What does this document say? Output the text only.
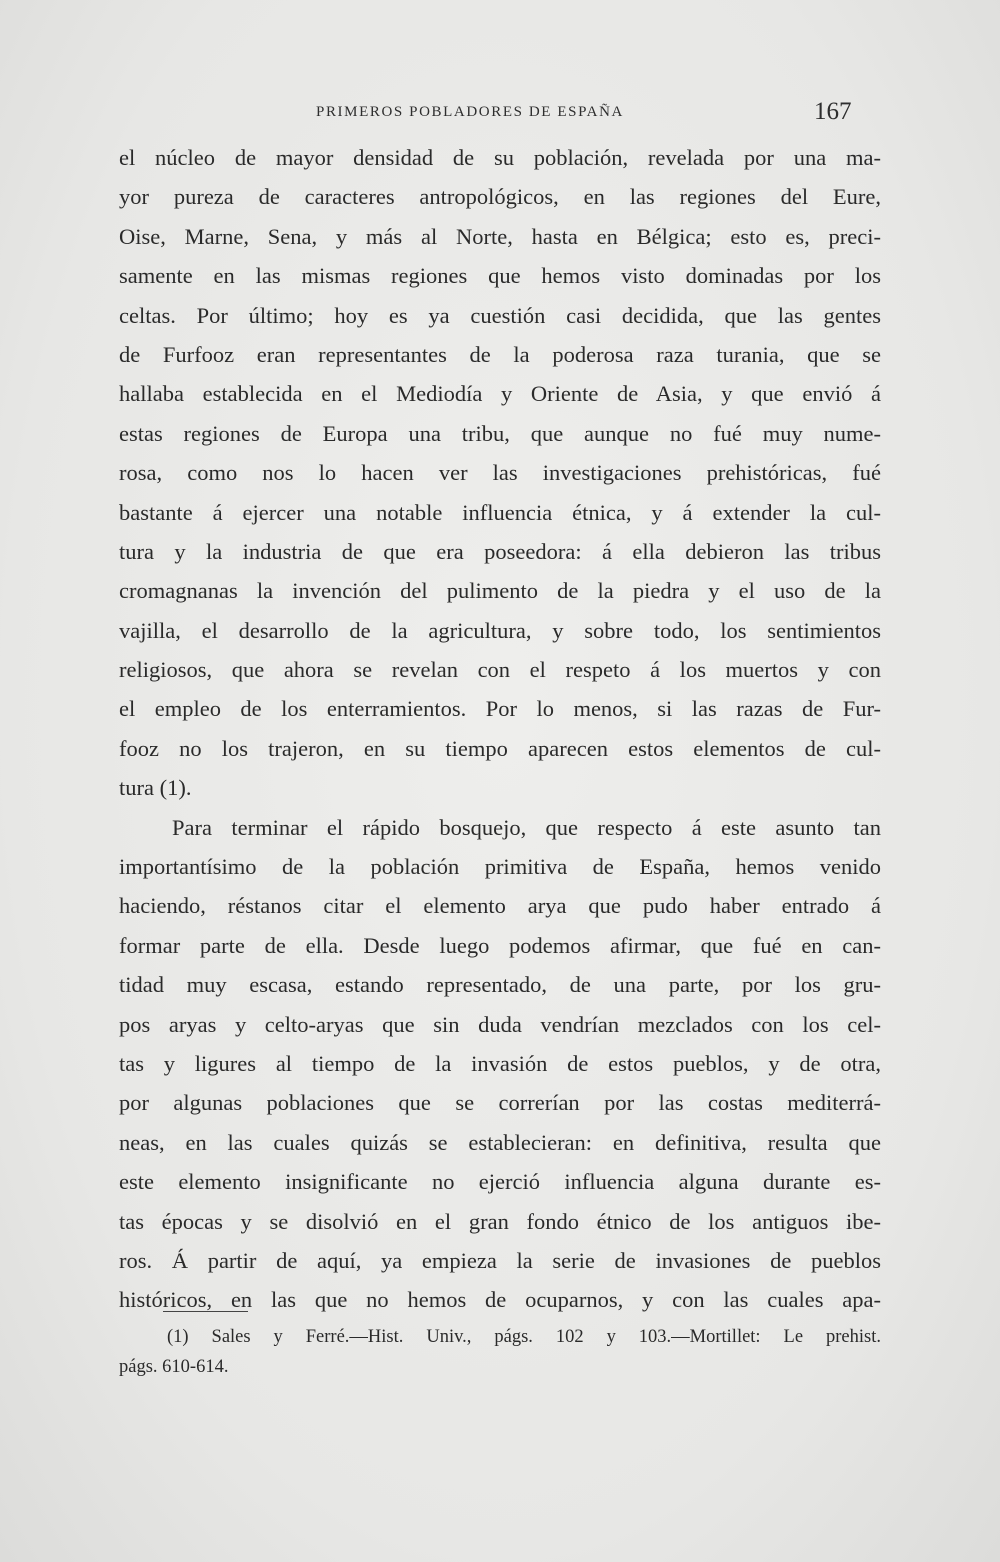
PRIMEROS POBLADORES DE ESPAÑA	167
el núcleo de mayor densidad de su población, revelada por una ma-
yor pureza de caracteres antropológicos, en las regiones del Eure,
Oise, Marne, Sena, y más al Norte, hasta en Bélgica; esto es, preci-
samente en las mismas regiones que hemos visto dominadas por los
celtas. Por último; hoy es ya cuestión casi decidida, que las gentes
de Furfooz eran representantes de la poderosa raza turania, que se
hallaba establecida en el Mediodía y Oriente de Asia, y que envió á
estas regiones de Europa una tribu, que aunque no fué muy nume-
rosa, como nos lo hacen ver las investigaciones prehistóricas, fué
bastante á ejercer una notable influencia étnica, y á extender la cul-
tura y la industria de que era poseedora: á ella debieron las tribus
cromagnanas la invención del pulimento de la piedra y el uso de la
vajilla, el desarrollo de la agricultura, y sobre todo, los sentimientos
religiosos, que ahora se revelan con el respeto á los muertos y con
el empleo de los enterramientos. Por lo menos, si las razas de Fur-
fooz no los trajeron, en su tiempo aparecen estos elementos de cul-
tura (1).
Para terminar el rápido bosquejo, que respecto á este asunto tan
importantísimo de la población primitiva de España, hemos venido
haciendo, réstanos citar el elemento arya que pudo haber entrado á
formar parte de ella. Desde luego podemos afirmar, que fué en can-
tidad muy escasa, estando representado, de una parte, por los gru-
pos aryas y celto-aryas que sin duda vendrían mezclados con los cel-
tas y ligures al tiempo de la invasión de estos pueblos, y de otra,
por algunas poblaciones que se correrían por las costas mediterrá-
neas, en las cuales quizás se establecieran: en definitiva, resulta que
este elemento insignificante no ejerció influencia alguna durante es-
tas épocas y se disolvió en el gran fondo étnico de los antiguos ibe-
ros. Á partir de aquí, ya empieza la serie de invasiones de pueblos
históricos, en las que no hemos de ocuparnos, y con las cuales apa-
(1) Sales y Ferré.—Hist. Univ., págs. 102 y 103.—Mortillet: Le prehist.
págs. 610-614.
